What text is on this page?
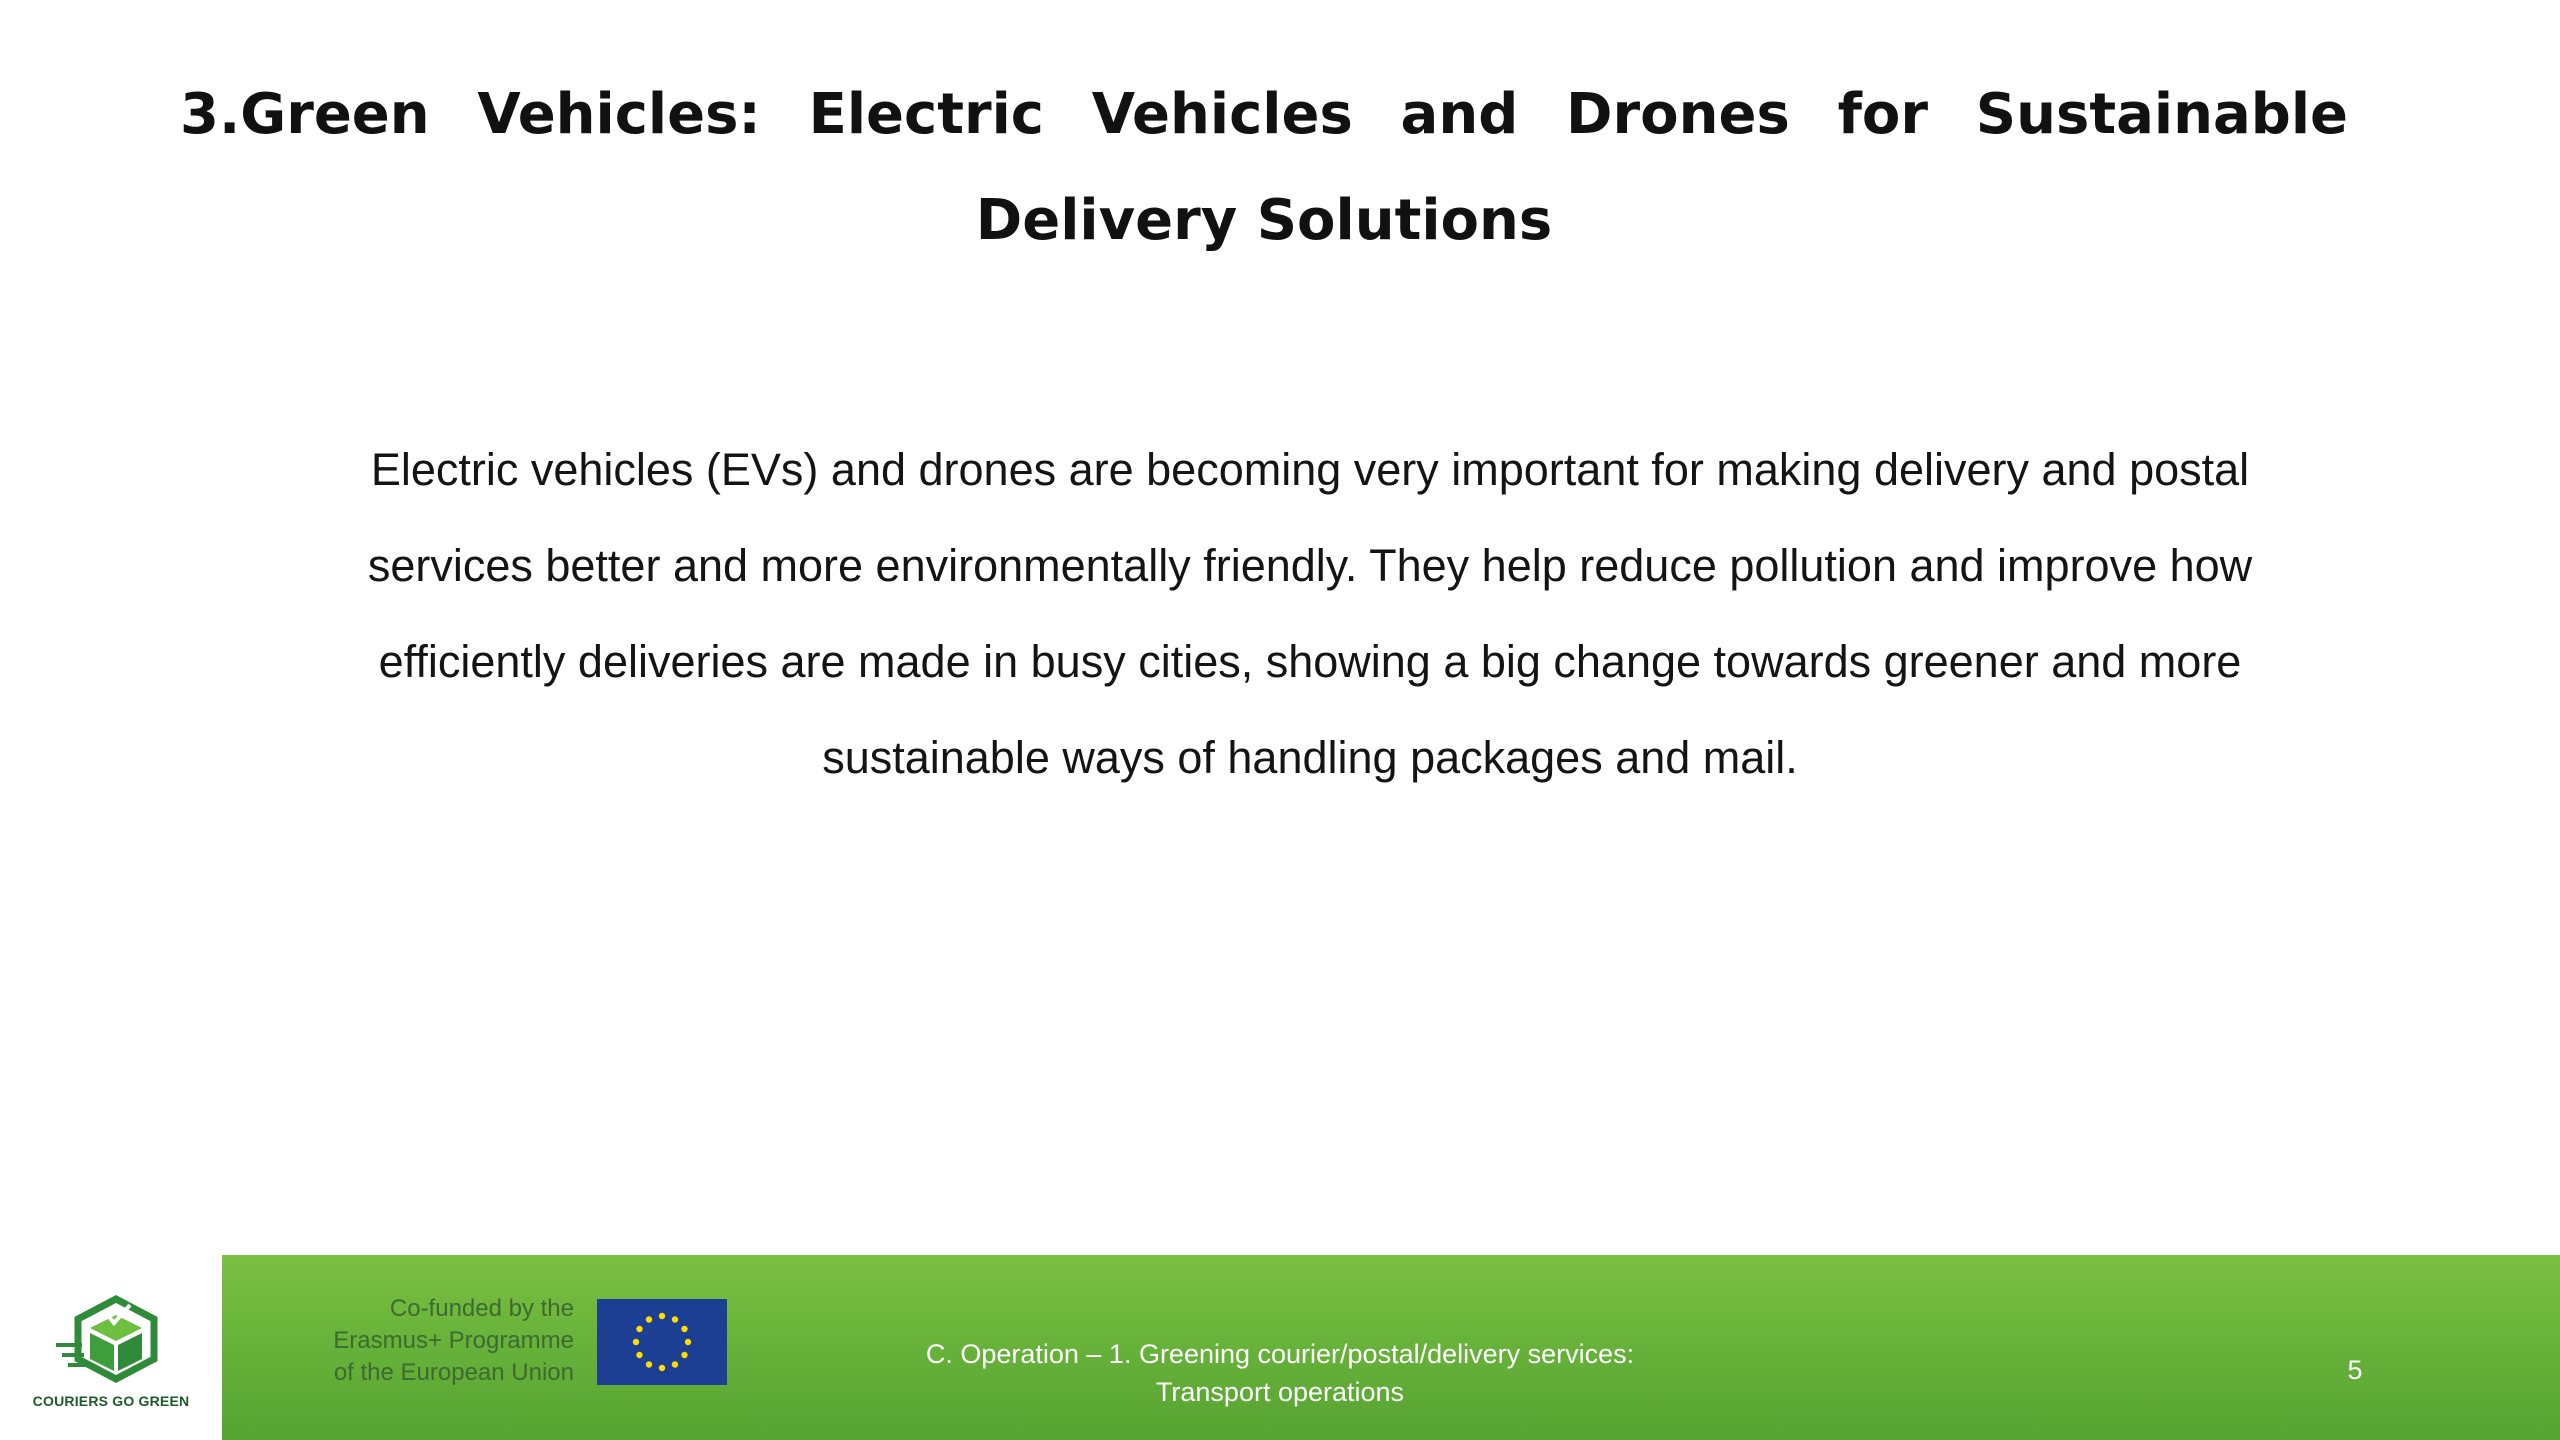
3.Green Vehicles: Electric Vehicles and Drones for Sustainable Delivery Solutions

Electric vehicles (EVs) and drones are becoming very important for making delivery and postal services better and more environmentally friendly. They help reduce pollution and improve how efficiently deliveries are made in busy cities, showing a big change towards greener and more sustainable ways of handling packages and mail.

COURIERS GO GREEN
Co-funded by the
Erasmus+ Programme
of the European Union
C. Operation – 1. Greening courier/postal/delivery services:
Transport operations
5
